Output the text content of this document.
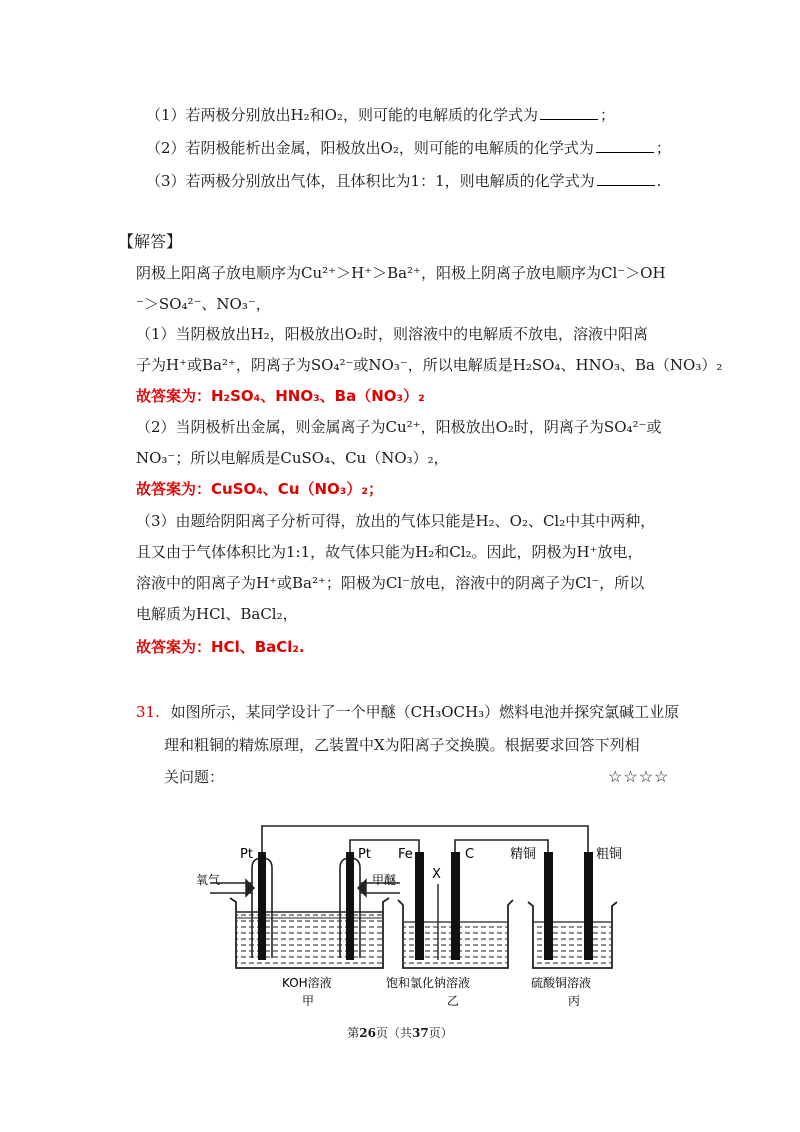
（1）若两极分别放出H₂和O₂，则可能的电解质的化学式为	；
（2）若阴极能析出金属，阳极放出O₂，则可能的电解质的化学式为	；
（3）若两极分别放出气体，且体积比为1：1，则电解质的化学式为	.
【解答】
阴极上阳离子放电顺序为Cu²⁺＞H⁺＞Ba²⁺，阳极上阴离子放电顺序为Cl⁻＞OH
⁻＞SO₄²⁻、NO₃⁻，
（1）当阴极放出H₂，阳极放出O₂时，则溶液中的电解质不放电，溶液中阳离
子为H⁺或Ba²⁺，阴离子为SO₄²⁻或NO₃⁻，所以电解质是H₂SO₄、HNO₃、Ba（NO₃）₂
故答案为：H₂SO₄、HNO₃、Ba（NO₃）₂
（2）当阴极析出金属，则金属离子为Cu²⁺，阳极放出O₂时，阴离子为SO₄²⁻或
NO₃⁻；所以电解质是CuSO₄、Cu（NO₃）₂，
故答案为：CuSO₄、Cu（NO₃）₂；
（3）由题给阴阳离子分析可得，放出的气体只能是H₂、O₂、Cl₂中其中两种，
且又由于气体体积比为1:1，故气体只能为H₂和Cl₂。因此，阴极为H⁺放电，
溶液中的阳离子为H⁺或Ba²⁺；阳极为Cl⁻放电，溶液中的阴离子为Cl⁻，所以
电解质为HCl、BaCl₂，
故答案为：HCl、BaCl₂.
31. 如图所示，某同学设计了一个甲醚（CH₃OCH₃）燃料电池并探究氯碱工业原
理和粗铜的精炼原理，乙装置中X为阳离子交换膜。根据要求回答下列相
关问题：	☆☆☆☆
Pt	Pt Fe	C
X
精铜	粗铜
氧气	甲醚
KOH溶液
甲
饱和氯化钠溶液
乙
硫酸铜溶液
丙
第26页（共37页）
